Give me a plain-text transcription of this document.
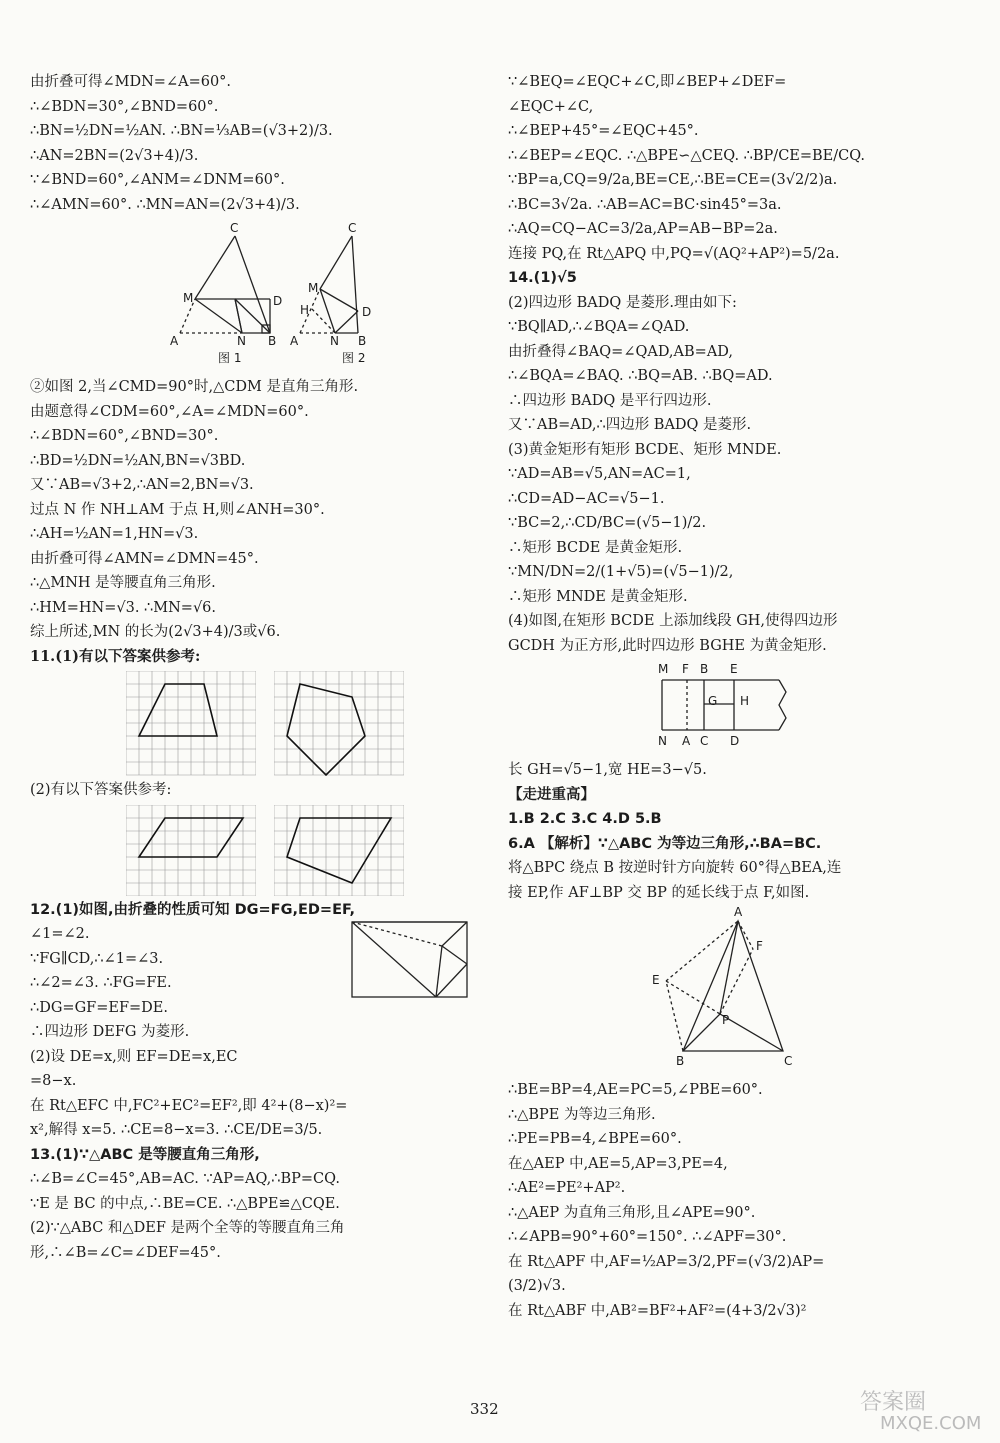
由折叠可得∠MDN=∠A=60°.
∴∠BDN=30°,∠BND=60°.
∴BN=½DN=½AN. ∴BN=⅓AB=(√3+2)/3.
∴AN=2BN=(2√3+4)/3.
∵∠BND=60°,∠ANM=∠DNM=60°.
∴∠AMN=60°. ∴MN=AN=(2√3+4)/3.
C
M	D
A	N B
图 1
C
M
D
H
A	N B
图 2
②如图 2,当∠CMD=90°时,△CDM 是直角三角形.
由题意得∠CDM=60°,∠A=∠MDN=60°.
∴∠BDN=60°,∠BND=30°.
∴BD=½DN=½AN,BN=√3BD.
又∵AB=√3+2,∴AN=2,BN=√3.
过点 N 作 NH⊥AM 于点 H,则∠ANH=30°.
∴AH=½AN=1,HN=√3.
由折叠可得∠AMN=∠DMN=45°.
∴△MNH 是等腰直角三角形.
∴HM=HN=√3. ∴MN=√6.
综上所述,MN 的长为(2√3+4)/3或√6.
11.(1)有以下答案供参考:
(2)有以下答案供参考:
12.(1)如图,由折叠的性质可知 DG=FG,ED=EF,
∠1=∠2.
∵FG∥CD,∴∠1=∠3.
∴∠2=∠3. ∴FG=FE.
∴DG=GF=EF=DE.
∴四边形 DEFG 为菱形.
(2)设 DE=x,则 EF=DE=x,EC
=8−x.
在 Rt△EFC 中,FC²+EC²=EF²,即 4²+(8−x)²=
x²,解得 x=5. ∴CE=8−x=3. ∴CE/DE=3/5.
13.(1)∵△ABC 是等腰直角三角形,
∴∠B=∠C=45°,AB=AC. ∵AP=AQ,∴BP=CQ.
∵E 是 BC 的中点,∴BE=CE. ∴△BPE≌△CQE.
(2)∵△ABC 和△DEF 是两个全等的等腰直角三角
形,∴∠B=∠C=∠DEF=45°.
∵∠BEQ=∠EQC+∠C,即∠BEP+∠DEF=
∠EQC+∠C,
∴∠BEP+45°=∠EQC+45°.
∴∠BEP=∠EQC. ∴△BPE∽△CEQ. ∴BP/CE=BE/CQ.
∵BP=a,CQ=9/2a,BE=CE,∴BE=CE=(3√2/2)a.
∴BC=3√2a. ∴AB=AC=BC·sin45°=3a.
∴AQ=CQ−AC=3/2a,AP=AB−BP=2a.
连接 PQ,在 Rt△APQ 中,PQ=√(AQ²+AP²)=5/2a.
14.(1)√5
(2)四边形 BADQ 是菱形.理由如下:
∵BQ∥AD,∴∠BQA=∠QAD.
由折叠得∠BAQ=∠QAD,AB=AD,
∴∠BQA=∠BAQ. ∴BQ=AB. ∴BQ=AD.
∴四边形 BADQ 是平行四边形.
又∵AB=AD,∴四边形 BADQ 是菱形.
(3)黄金矩形有矩形 BCDE、矩形 MNDE.
∵AD=AB=√5,AN=AC=1,
∴CD=AD−AC=√5−1.
∵BC=2,∴CD/BC=(√5−1)/2.
∴矩形 BCDE 是黄金矩形.
∵MN/DN=2/(1+√5)=(√5−1)/2,
∴矩形 MNDE 是黄金矩形.
(4)如图,在矩形 BCDE 上添加线段 GH,使得四边形
GCDH 为正方形,此时四边形 BGHE 为黄金矩形.
M F B E
G H
N A C D
长 GH=√5−1,宽 HE=3−√5.
【走进重高】
1.B 2.C 3.C 4.D 5.B
6.A 【解析】∵△ABC 为等边三角形,∴BA=BC.
将△BPC 绕点 B 按逆时针方向旋转 60°得△BEA,连
接 EP,作 AF⊥BP 交 BP 的延长线于点 F,如图.
A
F
E
P
B	C
∴BE=BP=4,AE=PC=5,∠PBE=60°.
∴△BPE 为等边三角形.
∴PE=PB=4,∠BPE=60°.
在△AEP 中,AE=5,AP=3,PE=4,
∴AE²=PE²+AP².
∴△AEP 为直角三角形,且∠APE=90°.
∴∠APB=90°+60°=150°. ∴∠APF=30°.
在 Rt△APF 中,AF=½AP=3/2,PF=(√3/2)AP=
(3/2)√3.
在 Rt△ABF 中,AB²=BF²+AF²=(4+3/2√3)²
332	答案圈
MXQE.COM
